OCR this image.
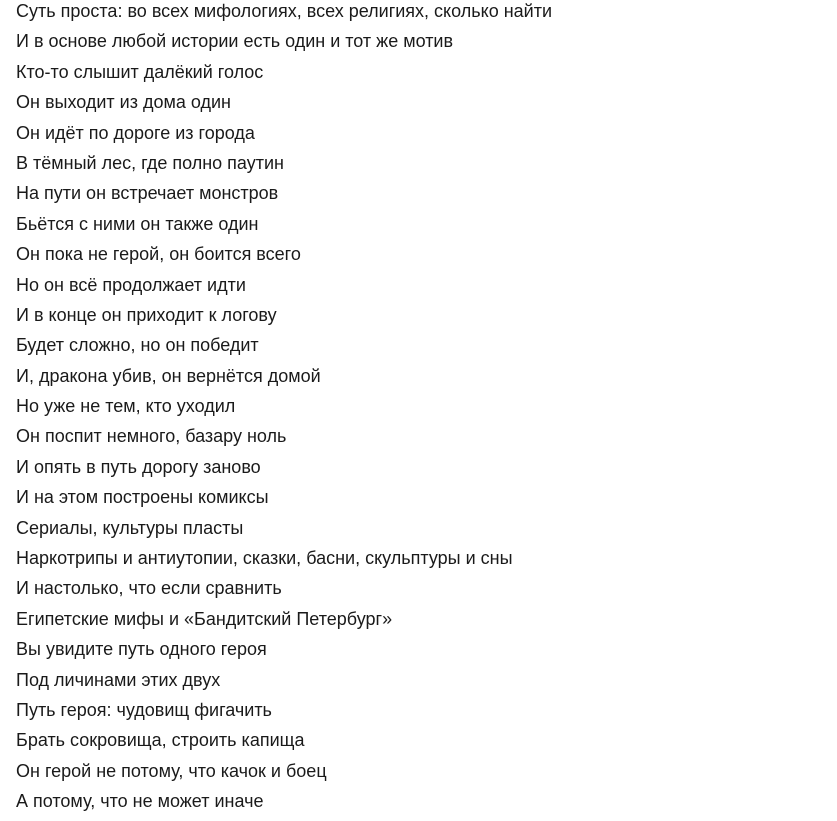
Суть проста: во всех мифологиях, всех религиях, сколько найти
И в основе любой истории есть один и тот же мотив
Кто-то слышит далёкий голос
Он выходит из дома один
Он идёт по дороге из города
В тёмный лес, где полно паутин
На пути он встречает монстров
Бьётся с ними он также один
Он пока не герой, он боится всего
Но он всё продолжает идти
И в конце он приходит к логову
Будет сложно, но он победит
И, дракона убив, он вернётся домой
Но уже не тем, кто уходил
Он поспит немного, базару ноль
И опять в путь дорогу заново
И на этом построены комиксы
Сериалы, культуры пласты
Наркотрипы и антиутопии, сказки, басни, скульптуры и сны
И настолько, что если сравнить
Египетские мифы и «Бандитский Петербург»
Вы увидите путь одного героя
Под личинами этих двух
Путь героя: чудовищ фигачить
Брать сокровища, строить капища
Он герой не потому, что качок и боец
А потому, что не может иначе
